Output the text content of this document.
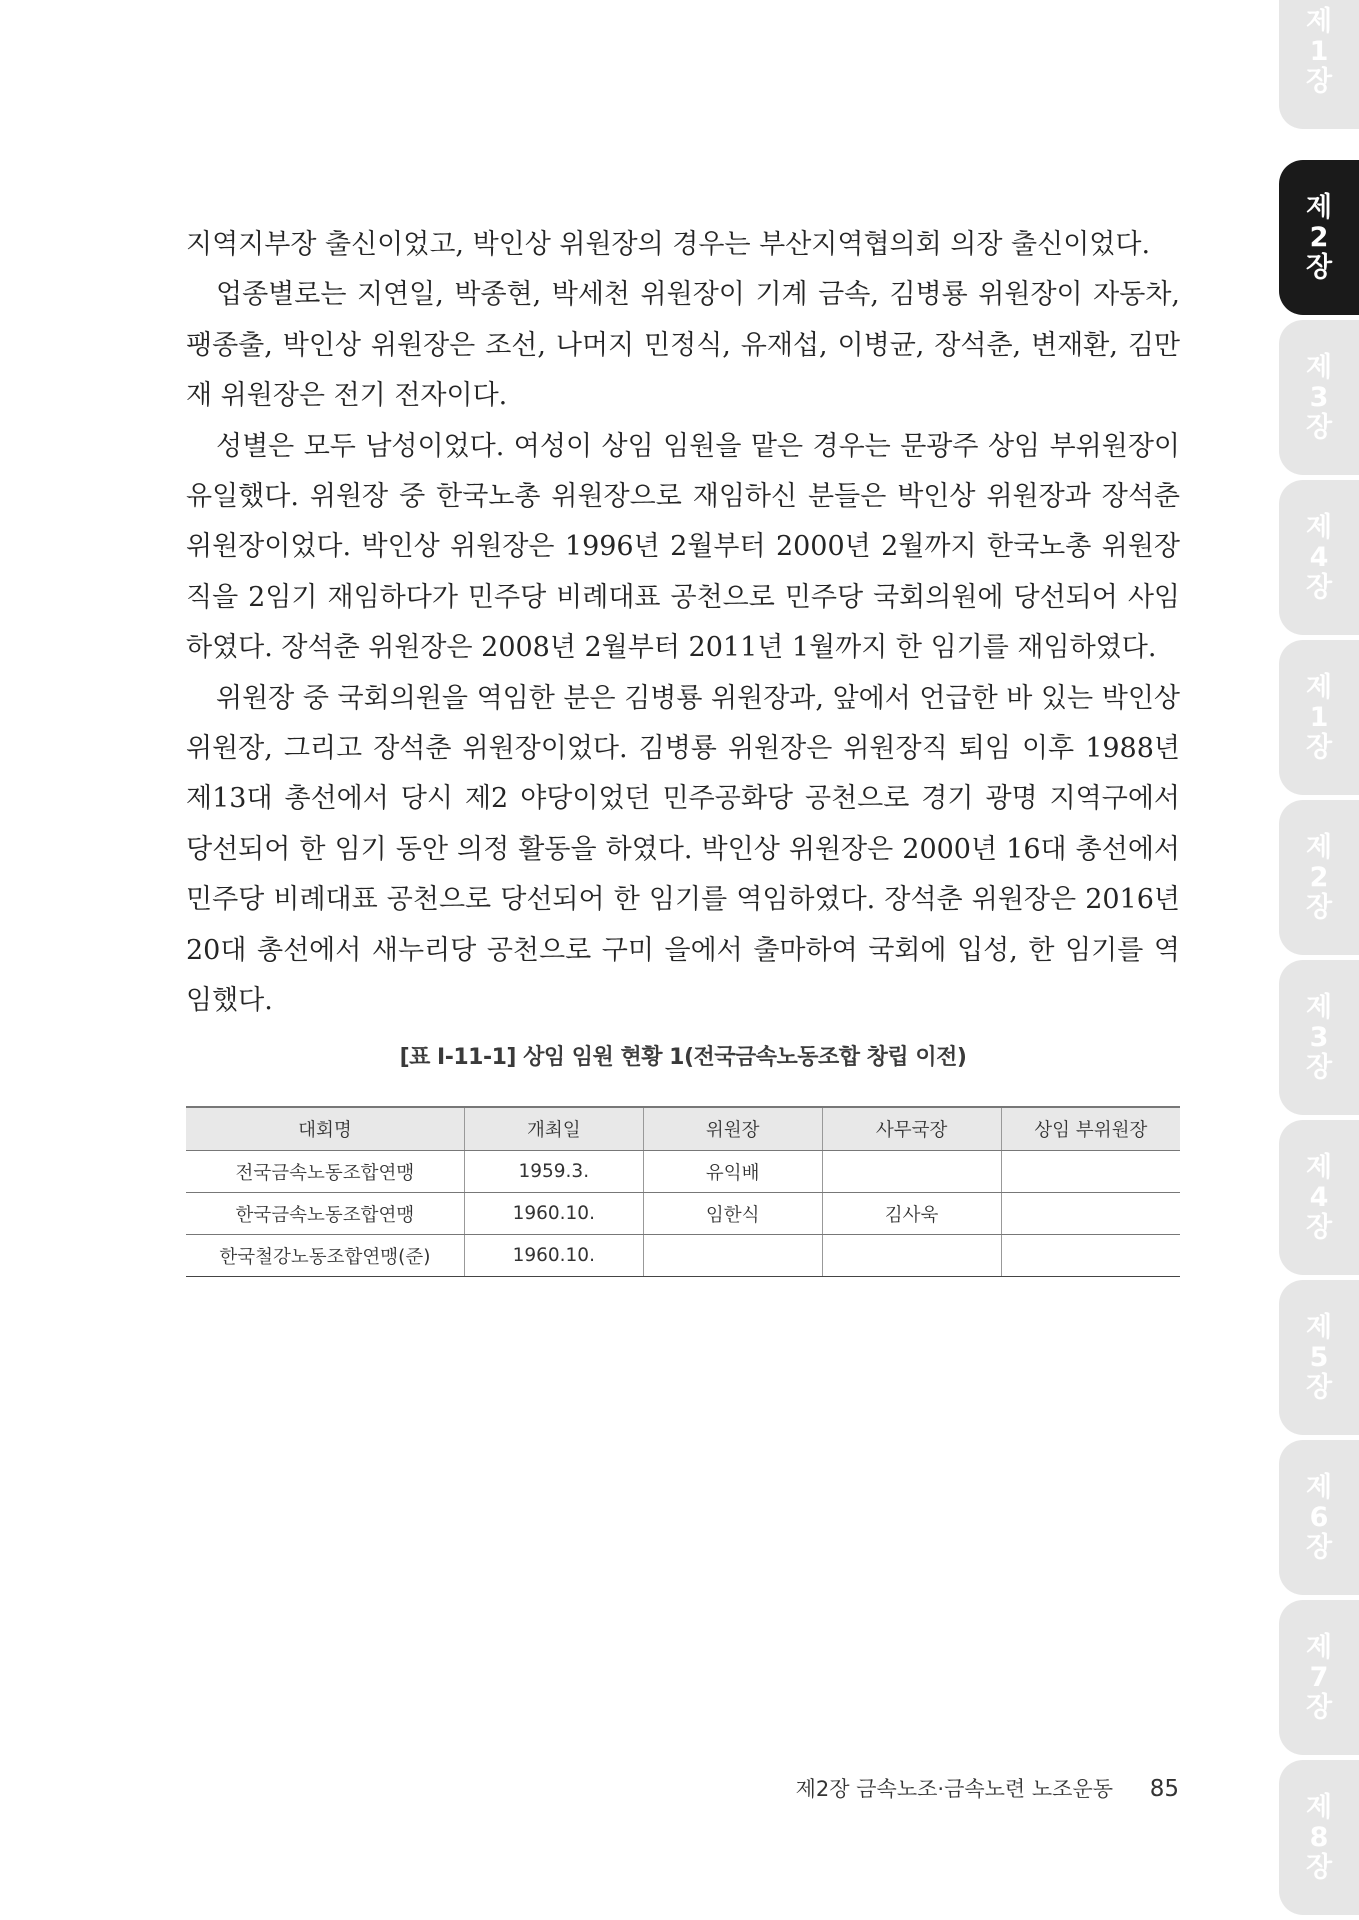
지역지부장 출신이었고, 박인상 위원장의 경우는 부산지역협의회 의장 출신이었다.

업종별로는 지연일, 박종현, 박세천 위원장이 기계 금속, 김병룡 위원장이 자동차, 팽종출, 박인상 위원장은 조선, 나머지 민정식, 유재섭, 이병균, 장석춘, 변재환, 김만재 위원장은 전기 전자이다.

성별은 모두 남성이었다. 여성이 상임 임원을 맡은 경우는 문광주 상임 부위원장이 유일했다. 위원장 중 한국노총 위원장으로 재임하신 분들은 박인상 위원장과 장석춘 위원장이었다. 박인상 위원장은 1996년 2월부터 2000년 2월까지 한국노총 위원장직을 2임기 재임하다가 민주당 비례대표 공천으로 민주당 국회의원에 당선되어 사임하였다. 장석춘 위원장은 2008년 2월부터 2011년 1월까지 한 임기를 재임하였다.

위원장 중 국회의원을 역임한 분은 김병룡 위원장과, 앞에서 언급한 바 있는 박인상 위원장, 그리고 장석춘 위원장이었다. 김병룡 위원장은 위원장직 퇴임 이후 1988년 제13대 총선에서 당시 제2 야당이었던 민주공화당 공천으로 경기 광명 지역구에서 당선되어 한 임기 동안 의정 활동을 하였다. 박인상 위원장은 2000년 16대 총선에서 민주당 비례대표 공천으로 당선되어 한 임기를 역임하였다. 장석춘 위원장은 2016년 20대 총선에서 새누리당 공천으로 구미 을에서 출마하여 국회에 입성, 한 임기를 역임했다.

[표 Ⅰ-11-1] 상임 임원 현황 1(전국금속노동조합 창립 이전)
대회명	개최일	위원장	사무국장	상임 부위원장
전국금속노동조합연맹	1959.3.	유익배		
한국금속노동조합연맹	1960.10.	임한식	김사욱	
한국철강노동조합연맹(준)	1960.10.			
제2장 금속노조·금속노련 노조운동 85
제
1
장
제
2
장
제
3
장
제
4
장
제
1
장
제
2
장
제
3
장
제
4
장
제
5
장
제
6
장
제
7
장
제
8
장
